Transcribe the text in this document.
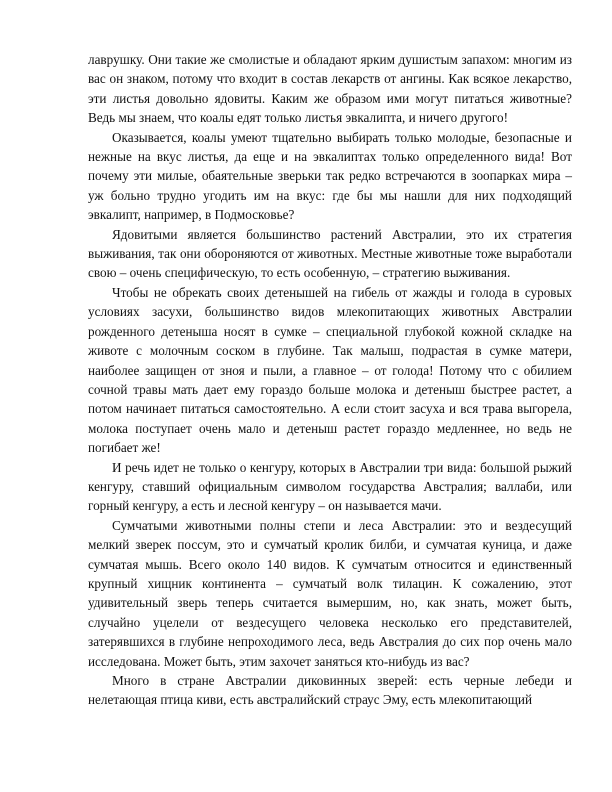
лаврушку. Они такие же смолистые и обладают ярким душистым запахом: многим из вас он знаком, потому что входит в состав лекарств от ангины. Как всякое лекарство, эти листья довольно ядовиты. Каким же образом ими могут питаться животные? Ведь мы знаем, что коалы едят только листья эвкалипта, и ничего другого!

Оказывается, коалы умеют тщательно выбирать только молодые, безопасные и нежные на вкус листья, да еще и на эвкалиптах только определенного вида! Вот почему эти милые, обаятельные зверьки так редко встречаются в зоопарках мира – уж больно трудно угодить им на вкус: где бы мы нашли для них подходящий эвкалипт, например, в Подмосковье?

Ядовитыми является большинство растений Австралии, это их стратегия выживания, так они обороняются от животных. Местные животные тоже выработали свою – очень специфическую, то есть особенную, – стратегию выживания.

Чтобы не обрекать своих детенышей на гибель от жажды и голода в суровых условиях засухи, большинство видов млекопитающих животных Австралии рожденного детеныша носят в сумке – специальной глубокой кожной складке на животе с молочным соском в глубине. Так малыш, подрастая в сумке матери, наиболее защищен от зноя и пыли, а главное – от голода! Потому что с обилием сочной травы мать дает ему гораздо больше молока и детеныш быстрее растет, а потом начинает питаться самостоятельно. А если стоит засуха и вся трава выгорела, молока поступает очень мало и детеныш растет гораздо медленнее, но ведь не погибает же!

И речь идет не только о кенгуру, которых в Австралии три вида: большой рыжий кенгуру, ставший официальным символом государства Австралия; валлаби, или горный кенгуру, а есть и лесной кенгуру – он называется мачи.

Сумчатыми животными полны степи и леса Австралии: это и вездесущий мелкий зверек поссум, это и сумчатый кролик билби, и сумчатая куница, и даже сумчатая мышь. Всего около 140 видов. К сумчатым относится и единственный крупный хищник континента – сумчатый волк тилацин. К сожалению, этот удивительный зверь теперь считается вымершим, но, как знать, может быть, случайно уцелели от вездесущего человека несколько его представителей, затерявшихся в глубине непроходимого леса, ведь Австралия до сих пор очень мало исследована. Может быть, этим захочет заняться кто-нибудь из вас?

Много в стране Австралии диковинных зверей: есть черные лебеди и нелетающая птица киви, есть австралийский страус Эму, есть млекопитающий
